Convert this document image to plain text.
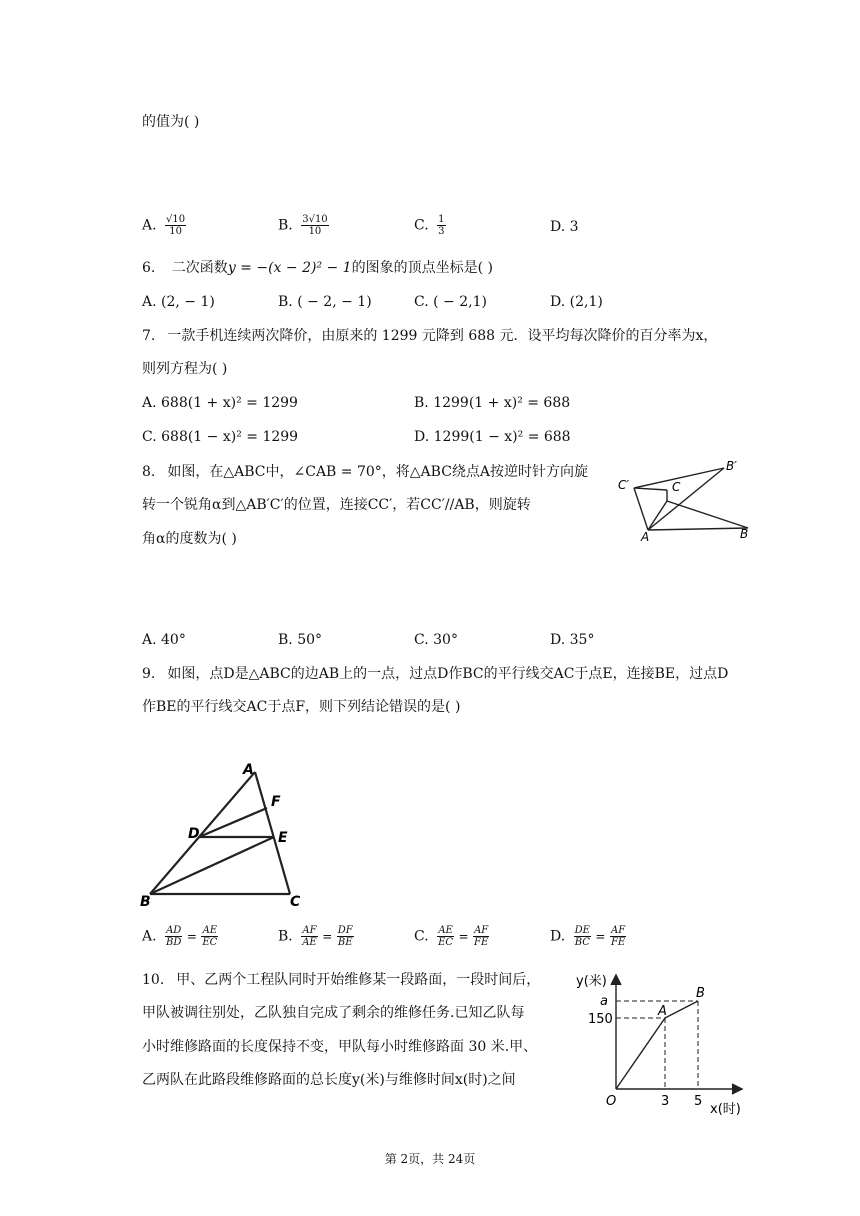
的值为( )
A. $\frac{√10}{10}$	B. $\frac{3√10}{10}$	C. $\frac{1}{3}$	D. 3
6. 二次函数y = −(x − 2)² − 1的图象的顶点坐标是( )
A. (2, − 1)	B. ( − 2, − 1)	C. ( − 2,1)	D. (2,1)
7. 一款手机连续两次降价，由原来的 1299 元降到 688 元．设平均每次降价的百分率为x，
则列方程为( )
A. 688(1 + x)² = 1299	B. 1299(1 + x)² = 688
C. 688(1 − x)² = 1299	D. 1299(1 − x)² = 688
8. 如图，在△ABC中，∠CAB = 70°，将△ABC绕点A按逆时针方向旋
转一个锐角α到△AB′C′的位置，连接CC′，若CC′//AB，则旋转
角α的度数为( )	A	B
C
B′
C′
A. 40°	B. 50°	C. 30°	D. 35°
9. 如图，点D是△ABC的边AB上的一点，过点D作BC的平行线交AC于点E，连接BE，过点D
作BE的平行线交AC于点F，则下列结论错误的是( )
A
B	C
D	E
F
A. $\frac{AD}{BD} = \frac{AE}{EC}$	B. $\frac{AF}{AE} = \frac{DF}{BE}$	C. $\frac{AE}{EC} = \frac{AF}{FE}$	D. $\frac{DE}{BC} = \frac{AF}{FE}$
10. 甲、乙两个工程队同时开始维修某一段路面，一段时间后，
甲队被调往别处，乙队独自完成了剩余的维修任务.已知乙队每
小时维修路面的长度保持不变，甲队每小时维修路面 30 米.甲、
乙两队在此路段维修路面的总长度y(米)与维修时间x(时)之间
y(米)
x(时)
O
a
150
3 5
A
B
第 2页，共 24页
